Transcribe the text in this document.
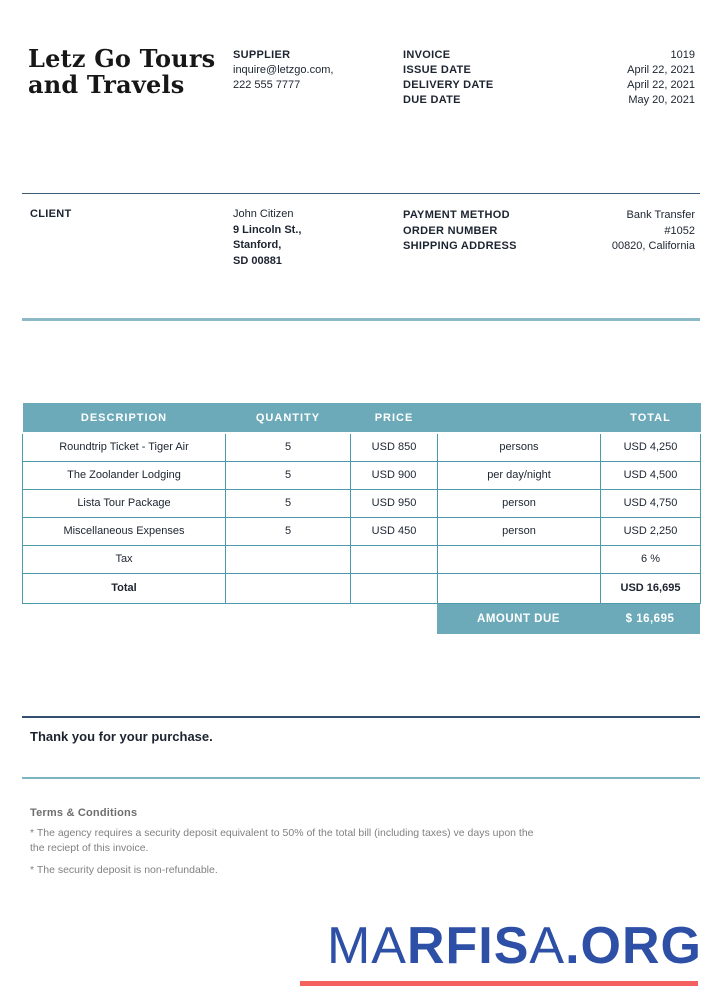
Letz Go Tours
and Travels
SUPPLIER
inquire@letzgo.com,
222 555 7777
INVOICE	1019
ISSUE DATE	April 22, 2021
DELIVERY DATE	April 22, 2021
DUE DATE	May 20, 2021
CLIENT	John Citizen
9 Lincoln St.,
Stanford,
SD 00881
PAYMENT METHOD	Bank Transfer
ORDER NUMBER	#1052
SHIPPING ADDRESS	00820, California
DESCRIPTION	QUANTITY	PRICE		TOTAL
Roundtrip Ticket - Tiger Air	5	USD 850	persons	USD 4,250
The Zoolander Lodging	5	USD 900	per day/night	USD 4,500
Lista Tour Package	5	USD 950	person	USD 4,750
Miscellaneous Expenses	5	USD 450	person	USD 2,250
Tax				6 %
Total				USD 16,695
AMOUNT DUE	$ 16,695
Thank you for your purchase.
Terms & Conditions
* The agency requires a security deposit equivalent to 50% of the total bill (including taxes) ve days upon the
the reciept of this invoice.
* The security deposit is non-refundable.
MARFISA.ORG
